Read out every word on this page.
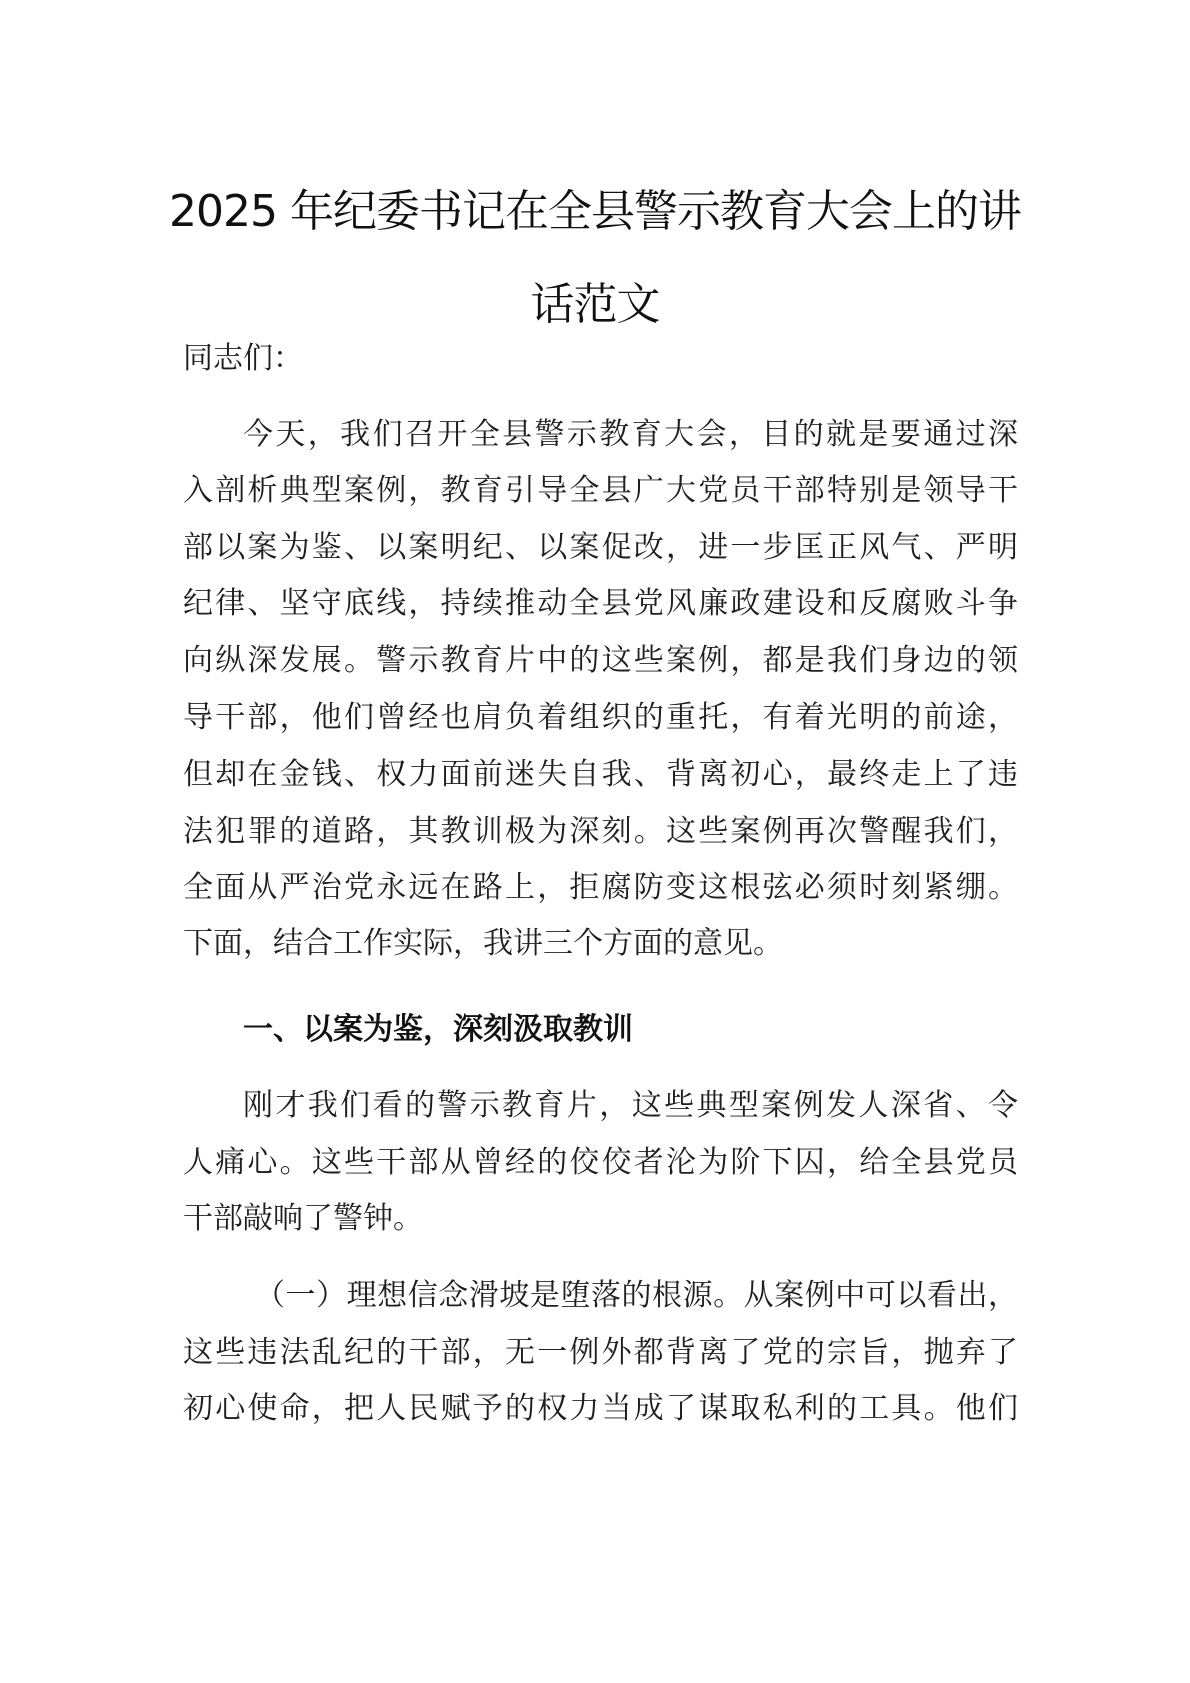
2025 年纪委书记在全县警示教育大会上的讲
话范文
同志们：
今天，我们召开全县警示教育大会，目的就是要通过深
入剖析典型案例，教育引导全县广大党员干部特别是领导干
部以案为鉴、以案明纪、以案促改，进一步匡正风气、严明
纪律、坚守底线，持续推动全县党风廉政建设和反腐败斗争
向纵深发展。警示教育片中的这些案例，都是我们身边的领
导干部，他们曾经也肩负着组织的重托，有着光明的前途，
但却在金钱、权力面前迷失自我、背离初心，最终走上了违
法犯罪的道路，其教训极为深刻。这些案例再次警醒我们，
全面从严治党永远在路上，拒腐防变这根弦必须时刻紧绷。
下面，结合工作实际，我讲三个方面的意见。
一、以案为鉴，深刻汲取教训
刚才我们看的警示教育片，这些典型案例发人深省、令
人痛心。这些干部从曾经的佼佼者沦为阶下囚，给全县党员
干部敲响了警钟。
（一）理想信念滑坡是堕落的根源。从案例中可以看出，
这些违法乱纪的干部，无一例外都背离了党的宗旨，抛弃了
初心使命，把人民赋予的权力当成了谋取私利的工具。他们
